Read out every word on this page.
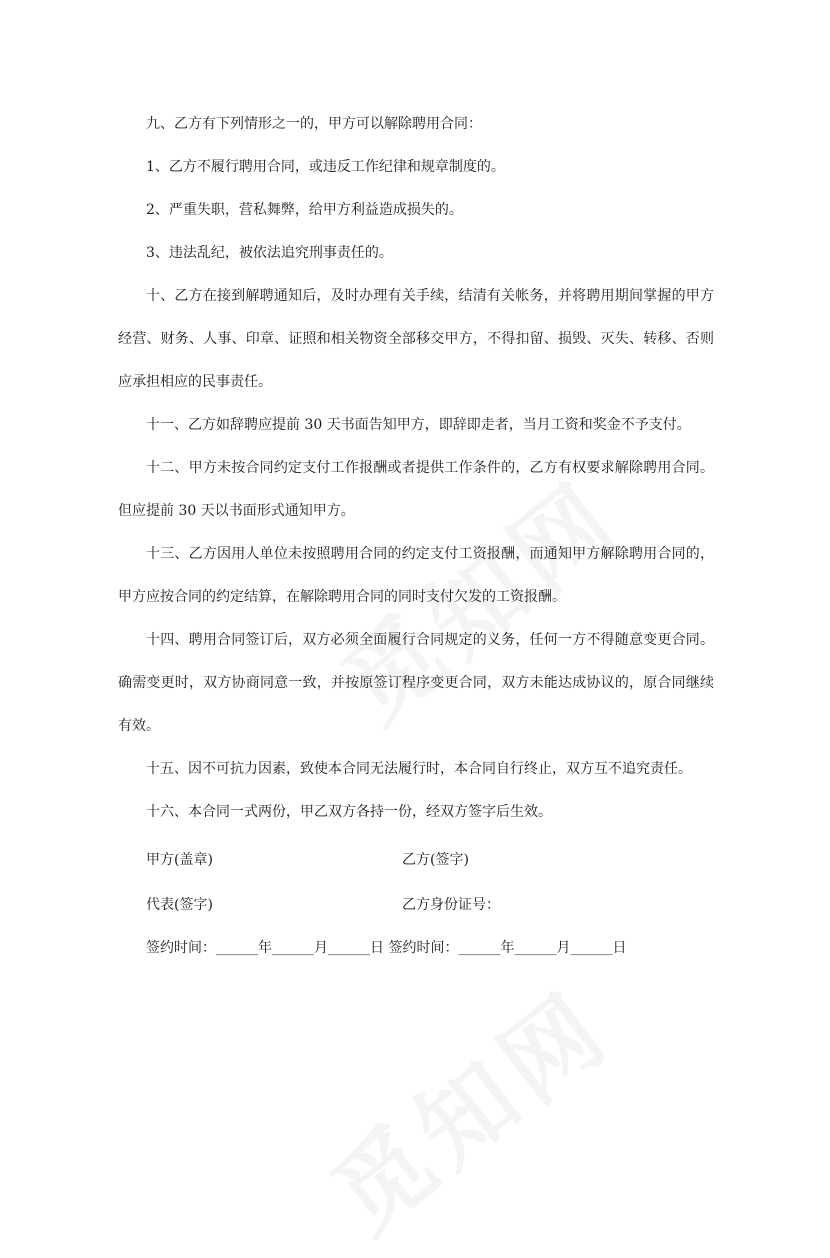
九、乙方有下列情形之一的，甲方可以解除聘用合同：

1、乙方不履行聘用合同，或违反工作纪律和规章制度的。

2、严重失职，营私舞弊，给甲方利益造成损失的。

3、违法乱纪，被依法追究刑事责任的。

十、乙方在接到解聘通知后，及时办理有关手续，结清有关帐务，并将聘用期间掌握的甲方经营、财务、人事、印章、证照和相关物资全部移交甲方，不得扣留、损毁、灭失、转移、否则应承担相应的民事责任。

十一、乙方如辞聘应提前 30 天书面告知甲方，即辞即走者，当月工资和奖金不予支付。

十二、甲方未按合同约定支付工作报酬或者提供工作条件的，乙方有权要求解除聘用合同。但应提前 30 天以书面形式通知甲方。

十三、乙方因用人单位未按照聘用合同的约定支付工资报酬，而通知甲方解除聘用合同的，甲方应按合同的约定结算，在解除聘用合同的同时支付欠发的工资报酬。

十四、聘用合同签订后，双方必须全面履行合同规定的义务，任何一方不得随意变更合同。确需变更时，双方协商同意一致，并按原签订程序变更合同，双方未能达成协议的，原合同继续有效。

十五、因不可抗力因素，致使本合同无法履行时，本合同自行终止，双方互不追究责任。

十六、本合同一式两份，甲乙双方各持一份，经双方签字后生效。

甲方(盖章)	乙方(签字)

代表(签字)	乙方身份证号：

签约时间：______年______月______日 签约时间：______年______月______日
